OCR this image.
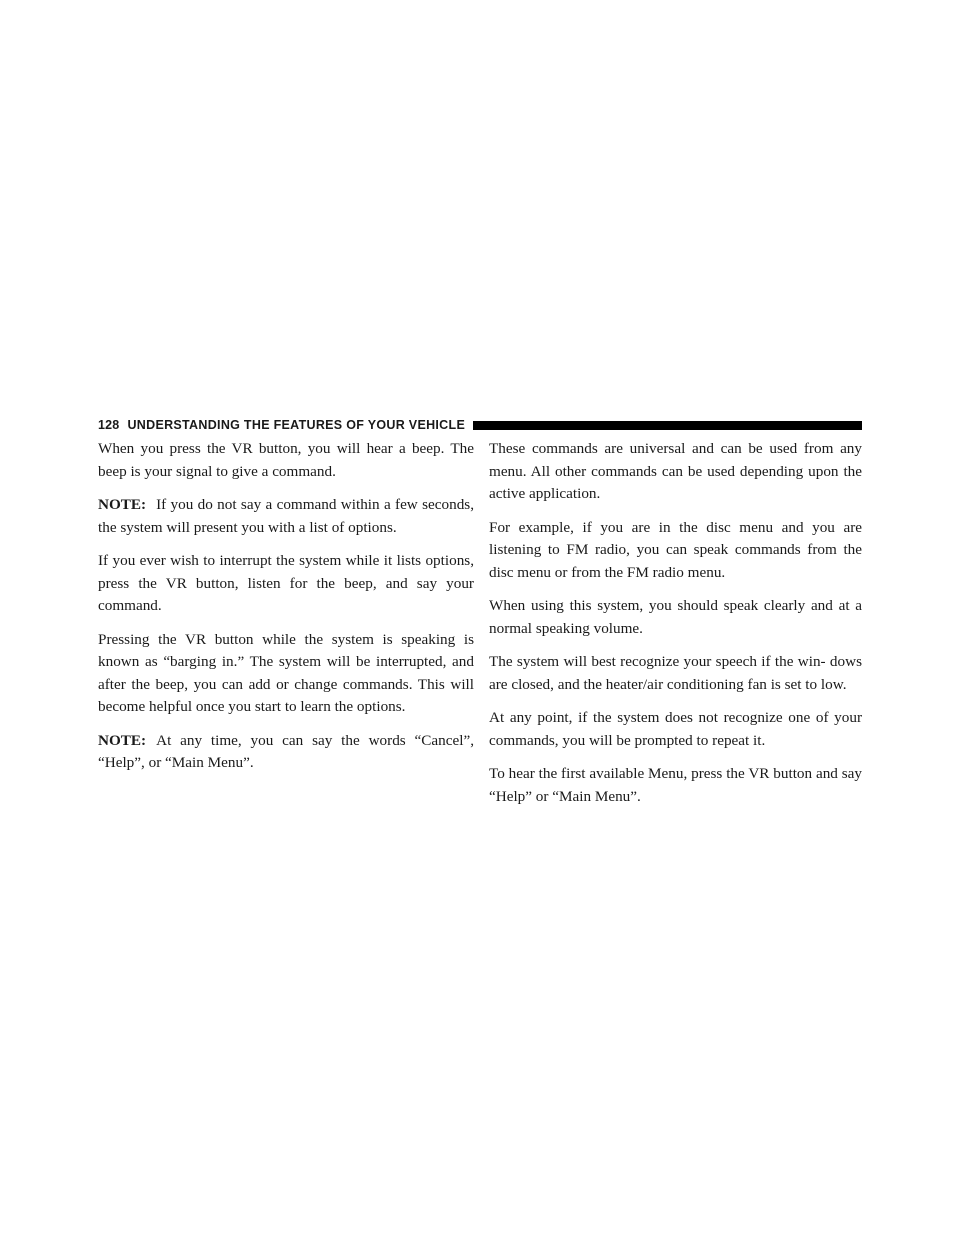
128 UNDERSTANDING THE FEATURES OF YOUR VEHICLE

When you press the VR button, you will hear a beep. The beep is your signal to give a command.

NOTE: If you do not say a command within a few seconds, the system will present you with a list of options.

If you ever wish to interrupt the system while it lists options, press the VR button, listen for the beep, and say your command.

Pressing the VR button while the system is speaking is known as “barging in.” The system will be interrupted, and after the beep, you can add or change commands. This will become helpful once you start to learn the options.

NOTE: At any time, you can say the words “Cancel”, “Help”, or “Main Menu”.

These commands are universal and can be used from any menu. All other commands can be used depending upon the active application.

For example, if you are in the disc menu and you are listening to FM radio, you can speak commands from the disc menu or from the FM radio menu.

When using this system, you should speak clearly and at a normal speaking volume.

The system will best recognize your speech if the win- dows are closed, and the heater/air conditioning fan is set to low.

At any point, if the system does not recognize one of your commands, you will be prompted to repeat it.

To hear the first available Menu, press the VR button and say “Help” or “Main Menu”.
